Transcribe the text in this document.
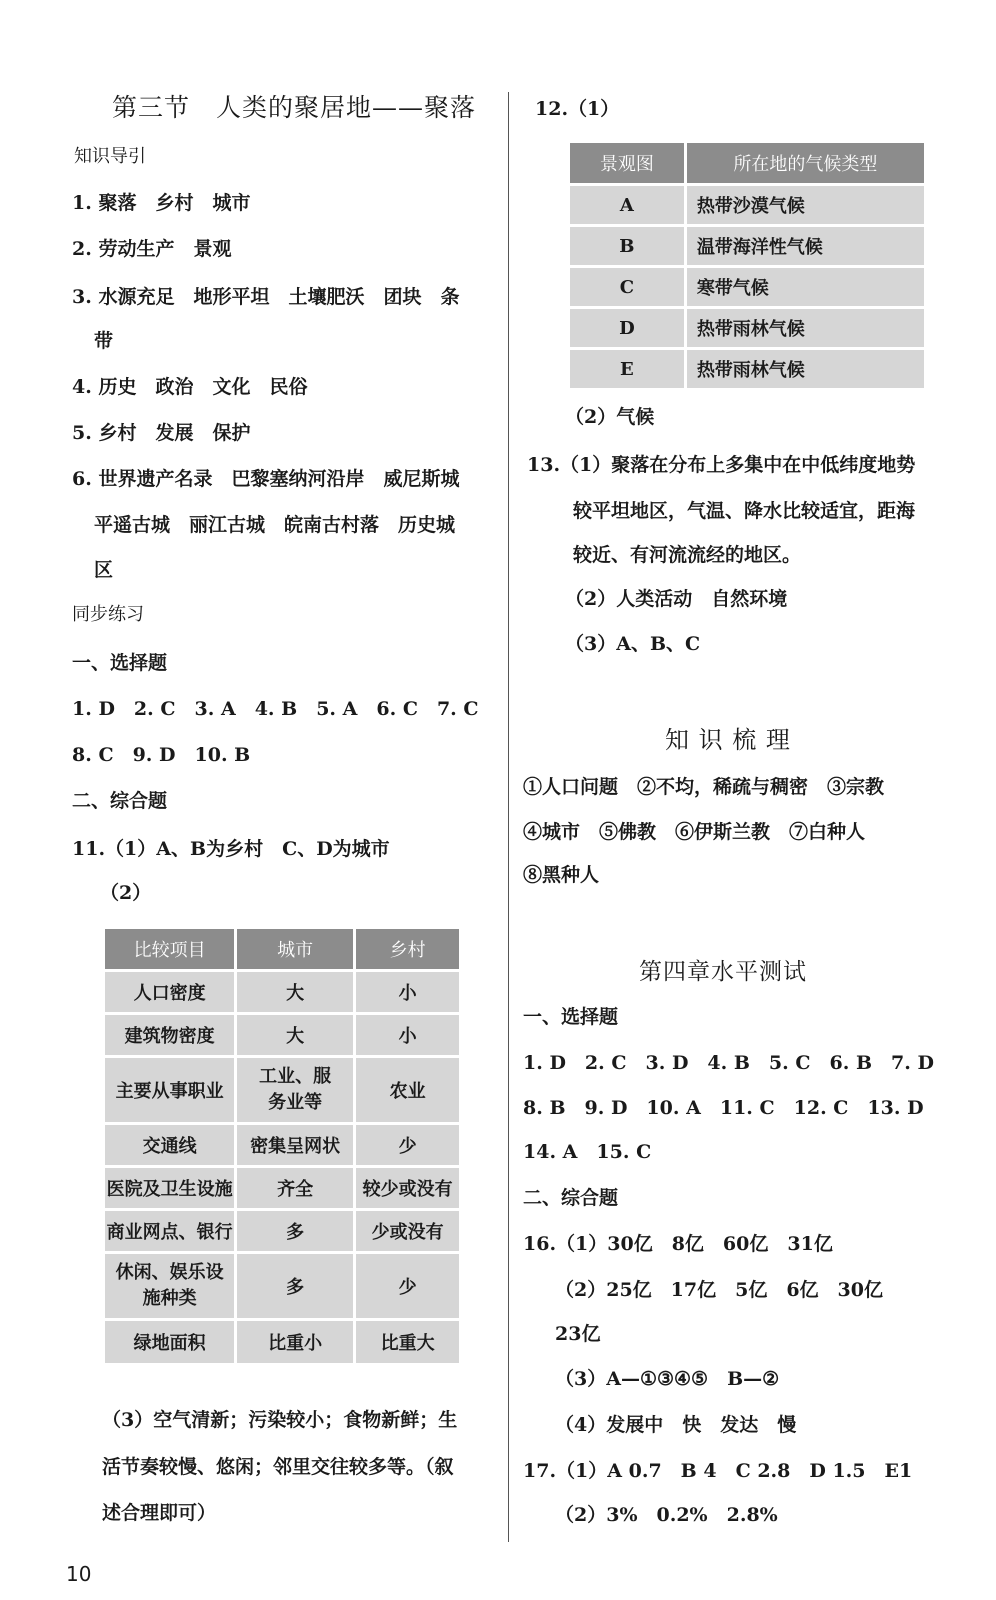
第三节　人类的聚居地——聚落
知识导引
1. 聚落　乡村　城市
2. 劳动生产　景观
3. 水源充足　地形平坦　土壤肥沃　团块　条
带
4. 历史　政治　文化　民俗
5. 乡村　发展　保护
6. 世界遗产名录　巴黎塞纳河沿岸　威尼斯城
平遥古城　丽江古城　皖南古村落　历史城
区
同步练习
一、选择题
1. D　2. C　3. A　4. B　5. A　6. C　7. C
8. C　9. D　10. B
二、综合题
11.（1）A、B为乡村　C、D为城市
（2）
比较项目	城市	乡村
人口密度	大	小
建筑物密度	大	小
主要从事职业	工业、服务业等	农业
交通线	密集呈网状	少
医院及卫生设施	齐全	较少或没有
商业网点、银行	多	少或没有
休闲、娱乐设施种类	多	少
绿地面积	比重小	比重大
（3）空气清新；污染较小；食物新鲜；生
活节奏较慢、悠闲；邻里交往较多等。（叙
述合理即可）
10
12.（1）
景观图	所在地的气候类型
A	热带沙漠气候
B	温带海洋性气候
C	寒带气候
D	热带雨林气候
E	热带雨林气候
（2）气候
13.（1）聚落在分布上多集中在中低纬度地势
较平坦地区，气温、降水比较适宜，距海
较近、有河流流经的地区。
（2）人类活动　自然环境
（3）A、B、C
知 识 梳 理
①人口问题　②不均，稀疏与稠密　③宗教
④城市　⑤佛教　⑥伊斯兰教　⑦白种人
⑧黑种人
第四章水平测试
一、选择题
1. D　2. C　3. D　4. B　5. C　6. B　7. D
8. B　9. D　10. A　11. C　12. C　13. D
14. A　15. C
二、综合题
16.（1）30亿　8亿　60亿　31亿
（2）25亿　17亿　5亿　6亿　30亿
23亿
（3）A—①③④⑤　B—②
（4）发展中　快　发达　慢
17.（1）A 0.7　B 4　C 2.8　D 1.5　E1
（2）3%　0.2%　2.8%
